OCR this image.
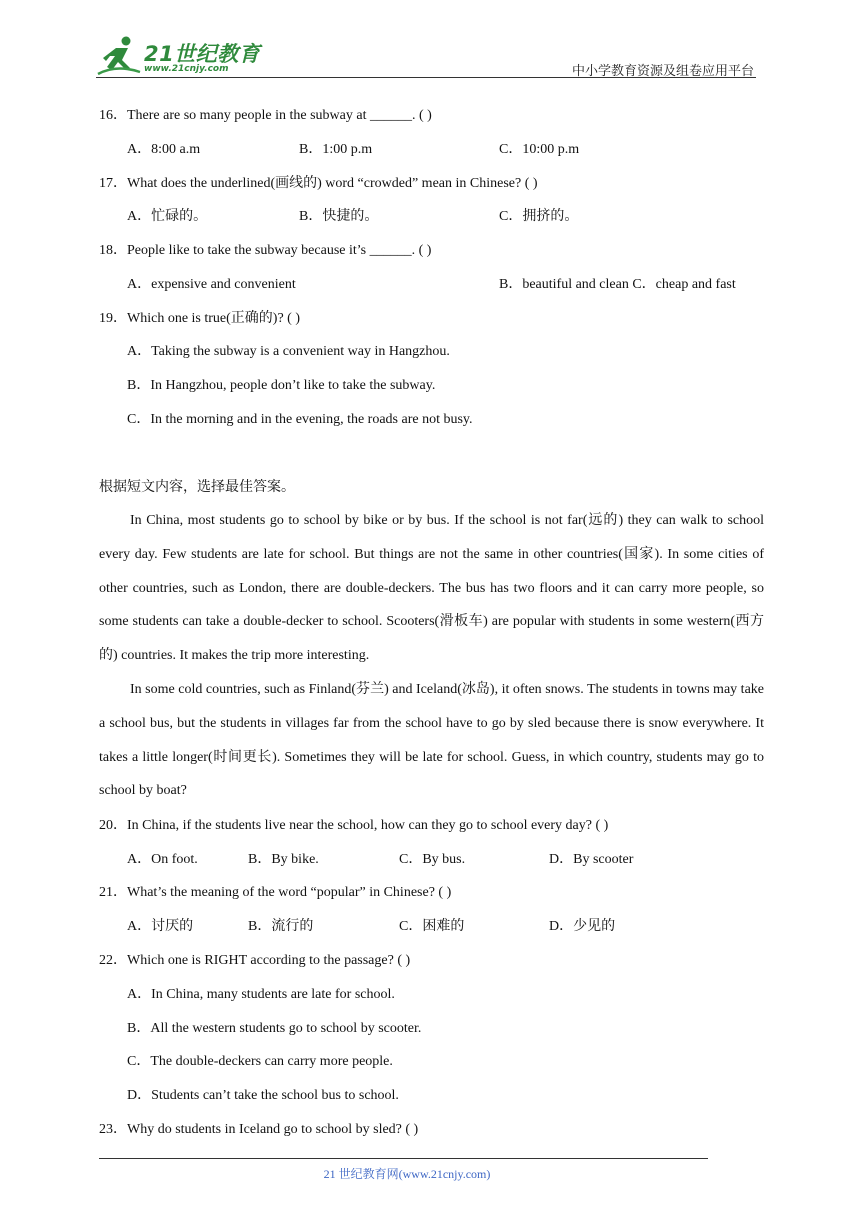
21世纪教育
www.21cnjy.com	中小学教育资源及组卷应用平台
16．There are so many people in the subway at ______. ( )
A．8:00 a.m	B．1:00 p.m	C．10:00 p.m
17．What does the underlined(画线的) word “crowded” mean in Chinese? ( )
A．忙碌的。	B．快捷的。	C．拥挤的。
18．People like to take the subway because it’s ______. ( )
A．expensive and convenient	B．beautiful and clean C．cheap and fast
19．Which one is true(正确的)? ( )
A．Taking the subway is a convenient way in Hangzhou.
B．In Hangzhou, people don’t like to take the subway.
C．In the morning and in the evening, the roads are not busy.
根据短文内容，选择最佳答案。

In China, most students go to school by bike or by bus. If the school is not far(远的) they can walk to school every day. Few students are late for school. But things are not the same in other countries(国家). In some cities of other countries, such as London, there are double-deckers. The bus has two floors and it can carry more people, so some students can take a double-decker to school. Scooters(滑板车) are popular with students in some western(西方的) countries. It makes the trip more interesting.

In some cold countries, such as Finland(芬兰) and Iceland(冰岛), it often snows. The students in towns may take a school bus, but the students in villages far from the school have to go by sled because there is snow everywhere. It takes a little longer(时间更长). Sometimes they will be late for school. Guess, in which country, students may go to school by boat?

20．In China, if the students live near the school, how can they go to school every day? ( )
A．On foot.	B．By bike.	C．By bus.	D．By scooter
21．What’s the meaning of the word “popular” in Chinese? ( )
A．讨厌的	B．流行的	C．困难的	D．少见的
22．Which one is RIGHT according to the passage? ( )
A．In China, many students are late for school.
B．All the western students go to school by scooter.
C．The double-deckers can carry more people.
D．Students can’t take the school bus to school.
23．Why do students in Iceland go to school by sled? ( )
21 世纪教育网(www.21cnjy.com)
